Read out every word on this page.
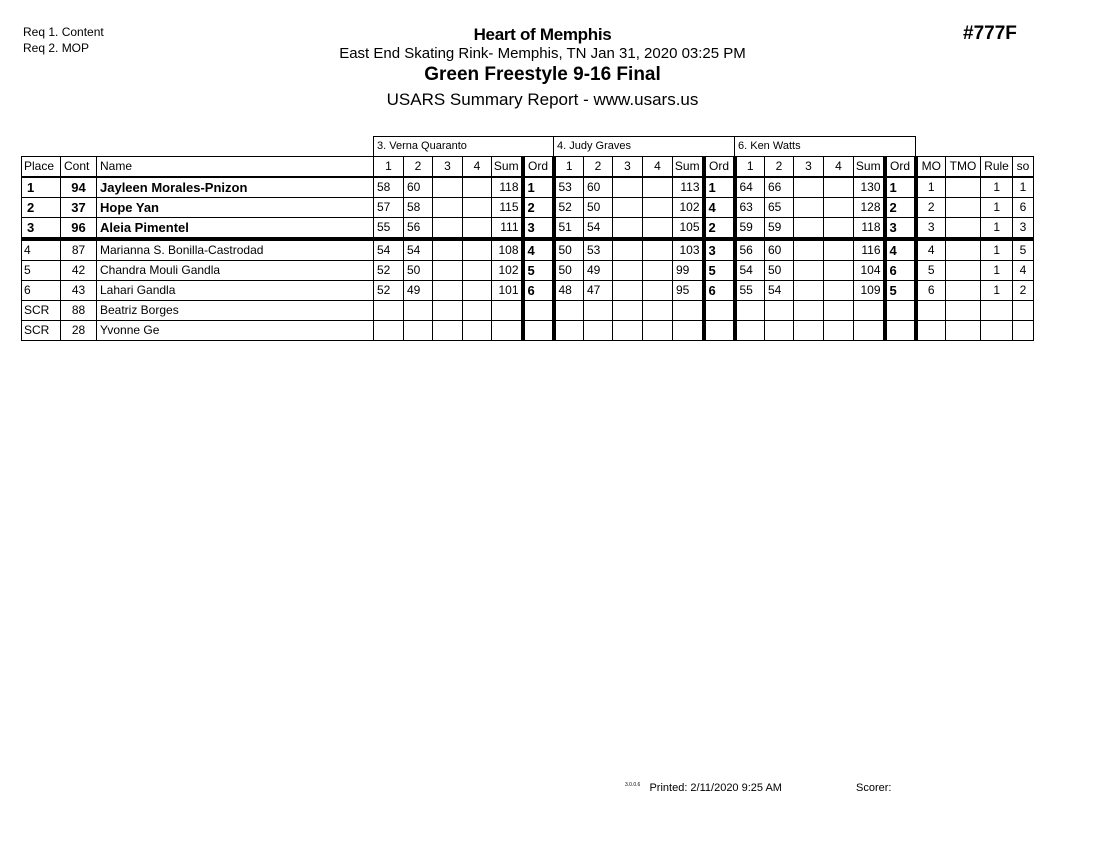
Req 1. Content
Req 2. MOP
Heart of Memphis
East End Skating Rink- Memphis, TN Jan 31, 2020 03:25 PM
Green Freestyle 9-16 Final
USARS Summary Report - www.usars.us
#777F
			3. Verna Quaranto						4. Judy Graves						6. Ken Watts									
Place	Cont	Name	1	2	3	4	Sum	Ord	1	2	3	4	Sum	Ord	1	2	3	4	Sum	Ord	MO	TMO	Rule	so
1	94	Jayleen Morales-Pnizon	58	60			118	1	53	60			113	1	64	66			130	1	1		1	1
2	37	Hope Yan	57	58			115	2	52	50			102	4	63	65			128	2	2		1	6
3	96	Aleia Pimentel	55	56			111	3	51	54			105	2	59	59			118	3	3		1	3
4	87	Marianna S. Bonilla-Castrodad	54	54			108	4	50	53			103	3	56	60			116	4	4		1	5
5	42	Chandra Mouli Gandla	52	50			102	5	50	49			99	5	54	50			104	6	5		1	4
6	43	Lahari Gandla	52	49			101	6	48	47			95	6	55	54			109	5	6		1	2
SCR	88	Beatriz Borges																						
SCR	28	Yvonne Ge																						
$^{3.0.0.6}$ Printed: 2/11/2020 9:25 AM	Scorer:
